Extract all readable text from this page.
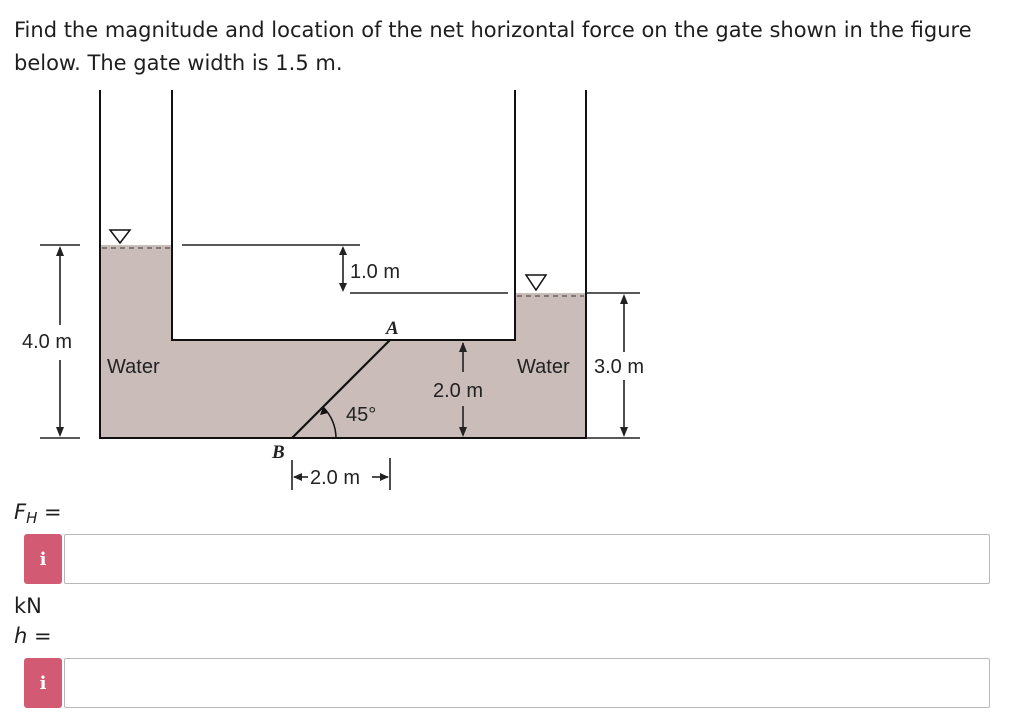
Find the magnitude and location of the net horizontal force on the gate shown in the figure below. The gate width is 1.5 m.

4.0 m
Water
1.0 m
A
B
2.0 m
45°
2.0 m
Water 3.0 m
$F_H$ =
i
kN
h =
i
